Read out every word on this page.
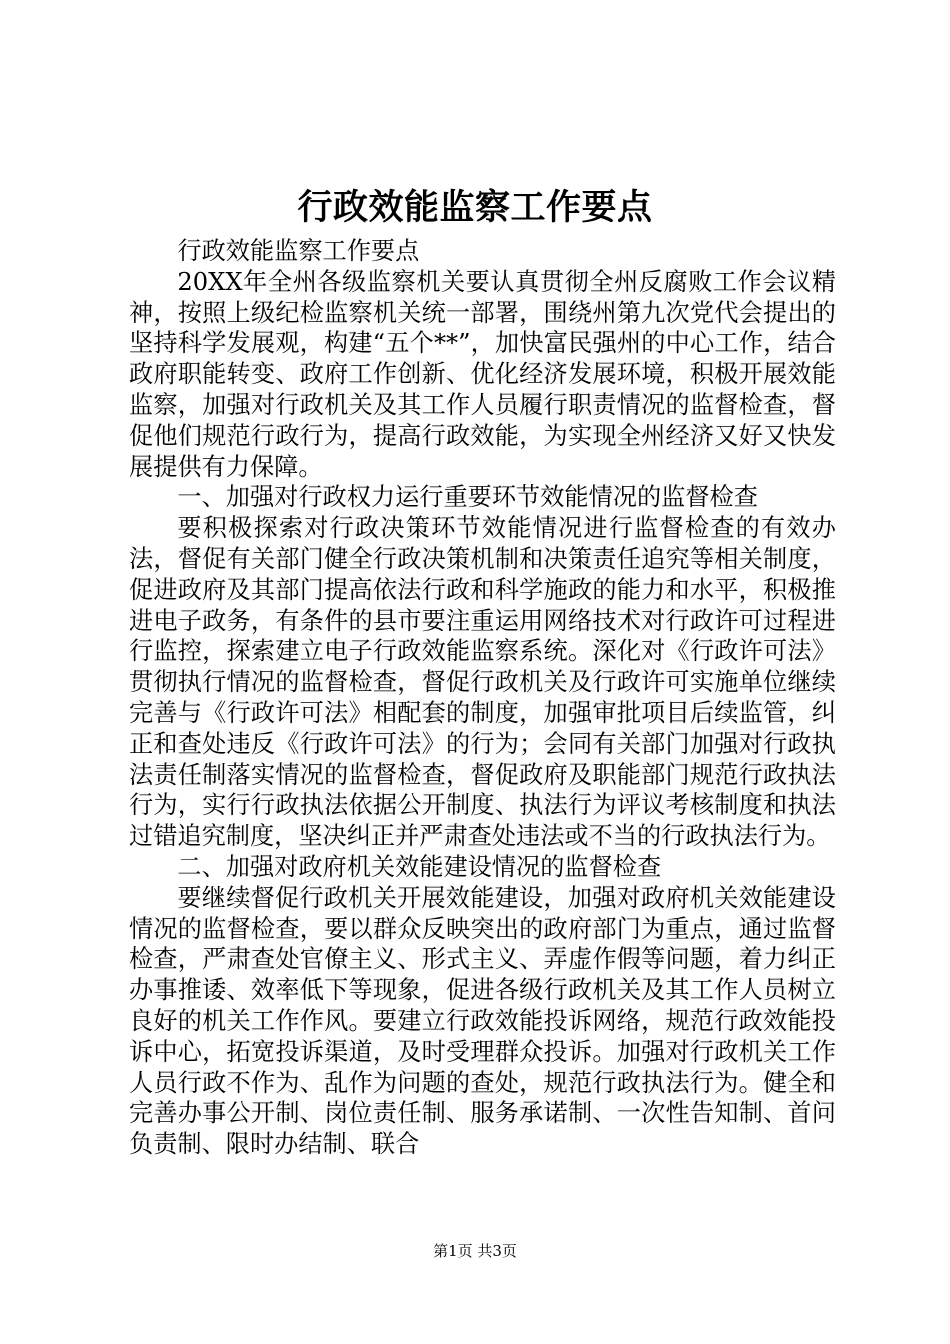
行政效能监察工作要点

行政效能监察工作要点

20XX年全州各级监察机关要认真贯彻全州反腐败工作会议精神，按照上级纪检监察机关统一部署，围绕州第九次党代会提出的坚持科学发展观，构建“五个**”，加快富民强州的中心工作，结合政府职能转变、政府工作创新、优化经济发展环境，积极开展效能监察，加强对行政机关及其工作人员履行职责情况的监督检查，督促他们规范行政行为，提高行政效能，为实现全州经济又好又快发展提供有力保障。

一、加强对行政权力运行重要环节效能情况的监督检查

要积极探索对行政决策环节效能情况进行监督检查的有效办法，督促有关部门健全行政决策机制和决策责任追究等相关制度，促进政府及其部门提高依法行政和科学施政的能力和水平，积极推进电子政务，有条件的县市要注重运用网络技术对行政许可过程进行监控，探索建立电子行政效能监察系统。深化对《行政许可法》贯彻执行情况的监督检查，督促行政机关及行政许可实施单位继续完善与《行政许可法》相配套的制度，加强审批项目后续监管，纠正和查处违反《行政许可法》的行为；会同有关部门加强对行政执法责任制落实情况的监督检查，督促政府及职能部门规范行政执法行为，实行行政执法依据公开制度、执法行为评议考核制度和执法过错追究制度，坚决纠正并严肃查处违法或不当的行政执法行为。

二、加强对政府机关效能建设情况的监督检查

要继续督促行政机关开展效能建设，加强对政府机关效能建设情况的监督检查，要以群众反映突出的政府部门为重点，通过监督检查，严肃查处官僚主义、形式主义、弄虚作假等问题，着力纠正办事推诿、效率低下等现象，促进各级行政机关及其工作人员树立良好的机关工作作风。要建立行政效能投诉网络，规范行政效能投诉中心，拓宽投诉渠道，及时受理群众投诉。加强对行政机关工作人员行政不作为、乱作为问题的查处，规范行政执法行为。健全和完善办事公开制、岗位责任制、服务承诺制、一次性告知制、首问负责制、限时办结制、联合

第1页 共3页
